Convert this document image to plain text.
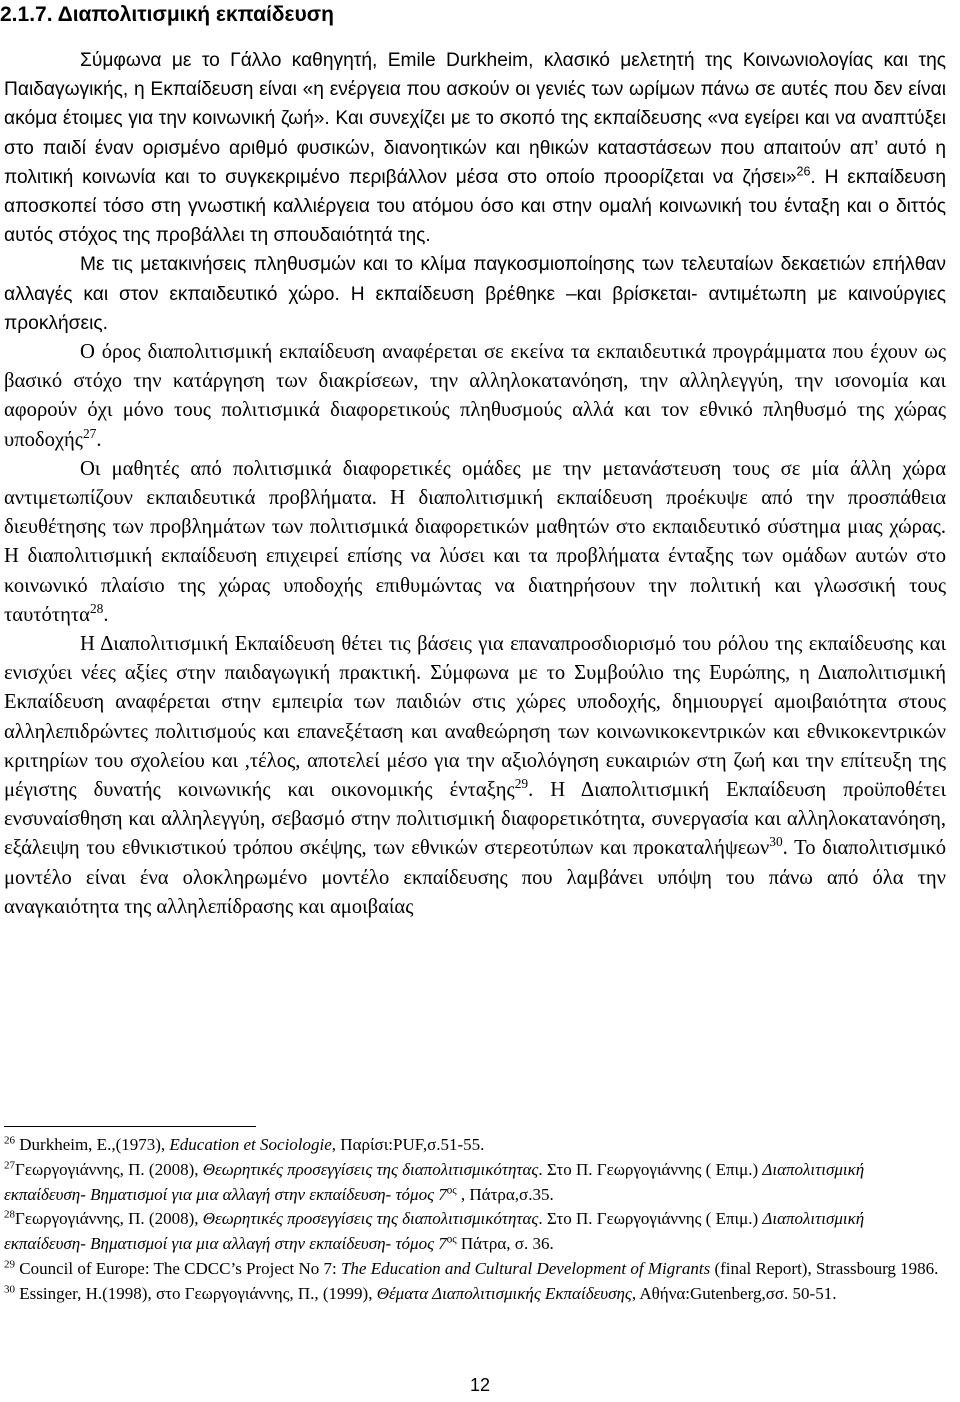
2.1.7. Διαπολιτισμική εκπαίδευση

Σύμφωνα με το Γάλλο καθηγητή, Emile Durkheim, κλασικό μελετητή της Κοινωνιολογίας και της Παιδαγωγικής, η Εκπαίδευση είναι «η ενέργεια που ασκούν οι γενιές των ωρίμων πάνω σε αυτές που δεν είναι ακόμα έτοιμες για την κοινωνική ζωή». Και συνεχίζει με το σκοπό της εκπαίδευσης «να εγείρει και να αναπτύξει στο παιδί έναν ορισμένο αριθμό φυσικών, διανοητικών και ηθικών καταστάσεων που απαιτούν απ’ αυτό η πολιτική κοινωνία και το συγκεκριμένο περιβάλλον μέσα στο οποίο προορίζεται να ζήσει»$^{26}$. Η εκπαίδευση αποσκοπεί τόσο στη γνωστική καλλιέργεια του ατόμου όσο και στην ομαλή κοινωνική του ένταξη και ο διττός αυτός στόχος της προβάλλει τη σπουδαιότητά της.

Με τις μετακινήσεις πληθυσμών και το κλίμα παγκοσμιοποίησης των τελευταίων δεκαετιών επήλθαν αλλαγές και στον εκπαιδευτικό χώρο. Η εκπαίδευση βρέθηκε –και βρίσκεται- αντιμέτωπη με καινούργιες προκλήσεις.

Ο όρος διαπολιτισμική εκπαίδευση αναφέρεται σε εκείνα τα εκπαιδευτικά προγράμματα που έχουν ως βασικό στόχο την κατάργηση των διακρίσεων, την αλληλοκατανόηση, την αλληλεγγύη, την ισονομία και αφορούν όχι μόνο τους πολιτισμικά διαφορετικούς πληθυσμούς αλλά και τον εθνικό πληθυσμό της χώρας υποδοχής$^{27}$.

Οι μαθητές από πολιτισμικά διαφορετικές ομάδες με την μετανάστευση τους σε μία άλλη χώρα αντιμετωπίζουν εκπαιδευτικά προβλήματα. Η διαπολιτισμική εκπαίδευση προέκυψε από την προσπάθεια διευθέτησης των προβλημάτων των πολιτισμικά διαφορετικών μαθητών στο εκπαιδευτικό σύστημα μιας χώρας. Η διαπολιτισμική εκπαίδευση επιχειρεί επίσης να λύσει και τα προβλήματα ένταξης των ομάδων αυτών στο κοινωνικό πλαίσιο της χώρας υποδοχής επιθυμώντας να διατηρήσουν την πολιτική και γλωσσική τους ταυτότητα$^{28}$.

Η Διαπολιτισμική Εκπαίδευση θέτει τις βάσεις για επαναπροσδιορισμό του ρόλου της εκπαίδευσης και ενισχύει νέες αξίες στην παιδαγωγική πρακτική. Σύμφωνα με το Συμβούλιο της Ευρώπης, η Διαπολιτισμική Εκπαίδευση αναφέρεται στην εμπειρία των παιδιών στις χώρες υποδοχής, δημιουργεί αμοιβαιότητα στους αλληλεπιδρώντες πολιτισμούς και επανεξέταση και αναθεώρηση των κοινωνικοκεντρικών και εθνικοκεντρικών κριτηρίων του σχολείου και ,τέλος, αποτελεί μέσο για την αξιολόγηση ευκαιριών στη ζωή και την επίτευξη της μέγιστης δυνατής κοινωνικής και οικονομικής ένταξης$^{29}$. Η Διαπολιτισμική Εκπαίδευση προϋποθέτει ενσυναίσθηση και αλληλεγγύη, σεβασμό στην πολιτισμική διαφορετικότητα, συνεργασία και αλληλοκατανόηση, εξάλειψη του εθνικιστικού τρόπου σκέψης, των εθνικών στερεοτύπων και προκαταλήψεων$^{30}$. Το διαπολιτισμικό μοντέλο είναι ένα ολοκληρωμένο μοντέλο εκπαίδευσης που λαμβάνει υπόψη του πάνω από όλα την αναγκαιότητα της αλληλεπίδρασης και αμοιβαίας

$^{26}$ Durkheim, E.,(1973), Education et Sociologie, Παρίσι:PUF,σ.51-55.

$^{27}$Γεωργογιάννης, Π. (2008), Θεωρητικές προσεγγίσεις της διαπολιτισμικότητας. Στο Π. Γεωργογιάννης ( Επιμ.) Διαπολιτισμική εκπαίδευση- Βηματισμοί για μια αλλαγή στην εκπαίδευση- τόμος $7^{o\varsigma}$ , Πάτρα,σ.35.

$^{28}$Γεωργογιάννης, Π. (2008), Θεωρητικές προσεγγίσεις της διαπολιτισμικότητας. Στο Π. Γεωργογιάννης ( Επιμ.) Διαπολιτισμική εκπαίδευση- Βηματισμοί για μια αλλαγή στην εκπαίδευση- τόμος $7^{o\varsigma}$ Πάτρα, σ. 36.

$^{29}$ Council of Europe: The CDCC’s Project No 7: The Education and Cultural Development of Migrants (final Report), Strassbourg 1986.

$^{30}$ Essinger, H.(1998), στο Γεωργογιάννης, Π., (1999), Θέματα Διαπολιτισμικής Εκπαίδευσης, Αθήνα:Gutenberg,σσ. 50-51.

12
